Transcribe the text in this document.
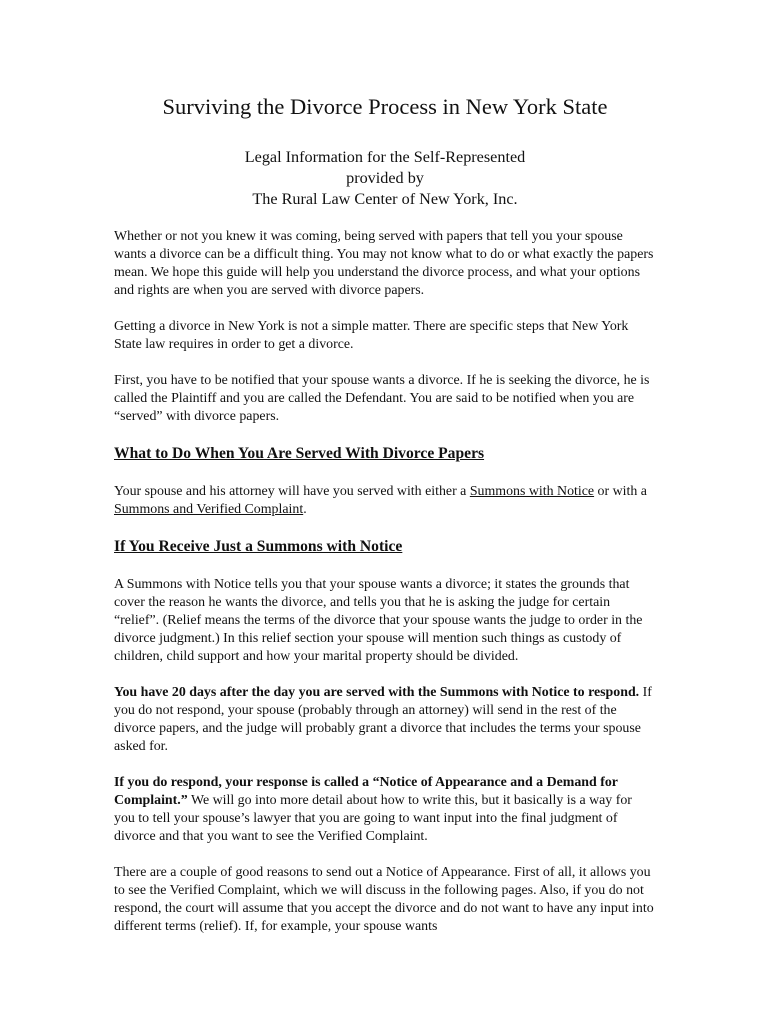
Surviving the Divorce Process in New York State
Legal Information for the Self-Represented
provided by
The Rural Law Center of New York, Inc.

Whether or not you knew it was coming, being served with papers that tell you your spouse wants a divorce can be a difficult thing. You may not know what to do or what exactly the papers mean. We hope this guide will help you understand the divorce process, and what your options and rights are when you are served with divorce papers.

Getting a divorce in New York is not a simple matter. There are specific steps that New York State law requires in order to get a divorce.

First, you have to be notified that your spouse wants a divorce. If he is seeking the divorce, he is called the Plaintiff and you are called the Defendant. You are said to be notified when you are “served” with divorce papers.

What to Do When You Are Served With Divorce Papers

Your spouse and his attorney will have you served with either a Summons with Notice or with a Summons and Verified Complaint.

If You Receive Just a Summons with Notice

A Summons with Notice tells you that your spouse wants a divorce; it states the grounds that cover the reason he wants the divorce, and tells you that he is asking the judge for certain “relief”. (Relief means the terms of the divorce that your spouse wants the judge to order in the divorce judgment.) In this relief section your spouse will mention such things as custody of children, child support and how your marital property should be divided.

You have 20 days after the day you are served with the Summons with Notice to respond. If you do not respond, your spouse (probably through an attorney) will send in the rest of the divorce papers, and the judge will probably grant a divorce that includes the terms your spouse asked for.

If you do respond, your response is called a “Notice of Appearance and a Demand for Complaint.” We will go into more detail about how to write this, but it basically is a way for you to tell your spouse’s lawyer that you are going to want input into the final judgment of divorce and that you want to see the Verified Complaint.

There are a couple of good reasons to send out a Notice of Appearance. First of all, it allows you to see the Verified Complaint, which we will discuss in the following pages. Also, if you do not respond, the court will assume that you accept the divorce and do not want to have any input into different terms (relief). If, for example, your spouse wants
